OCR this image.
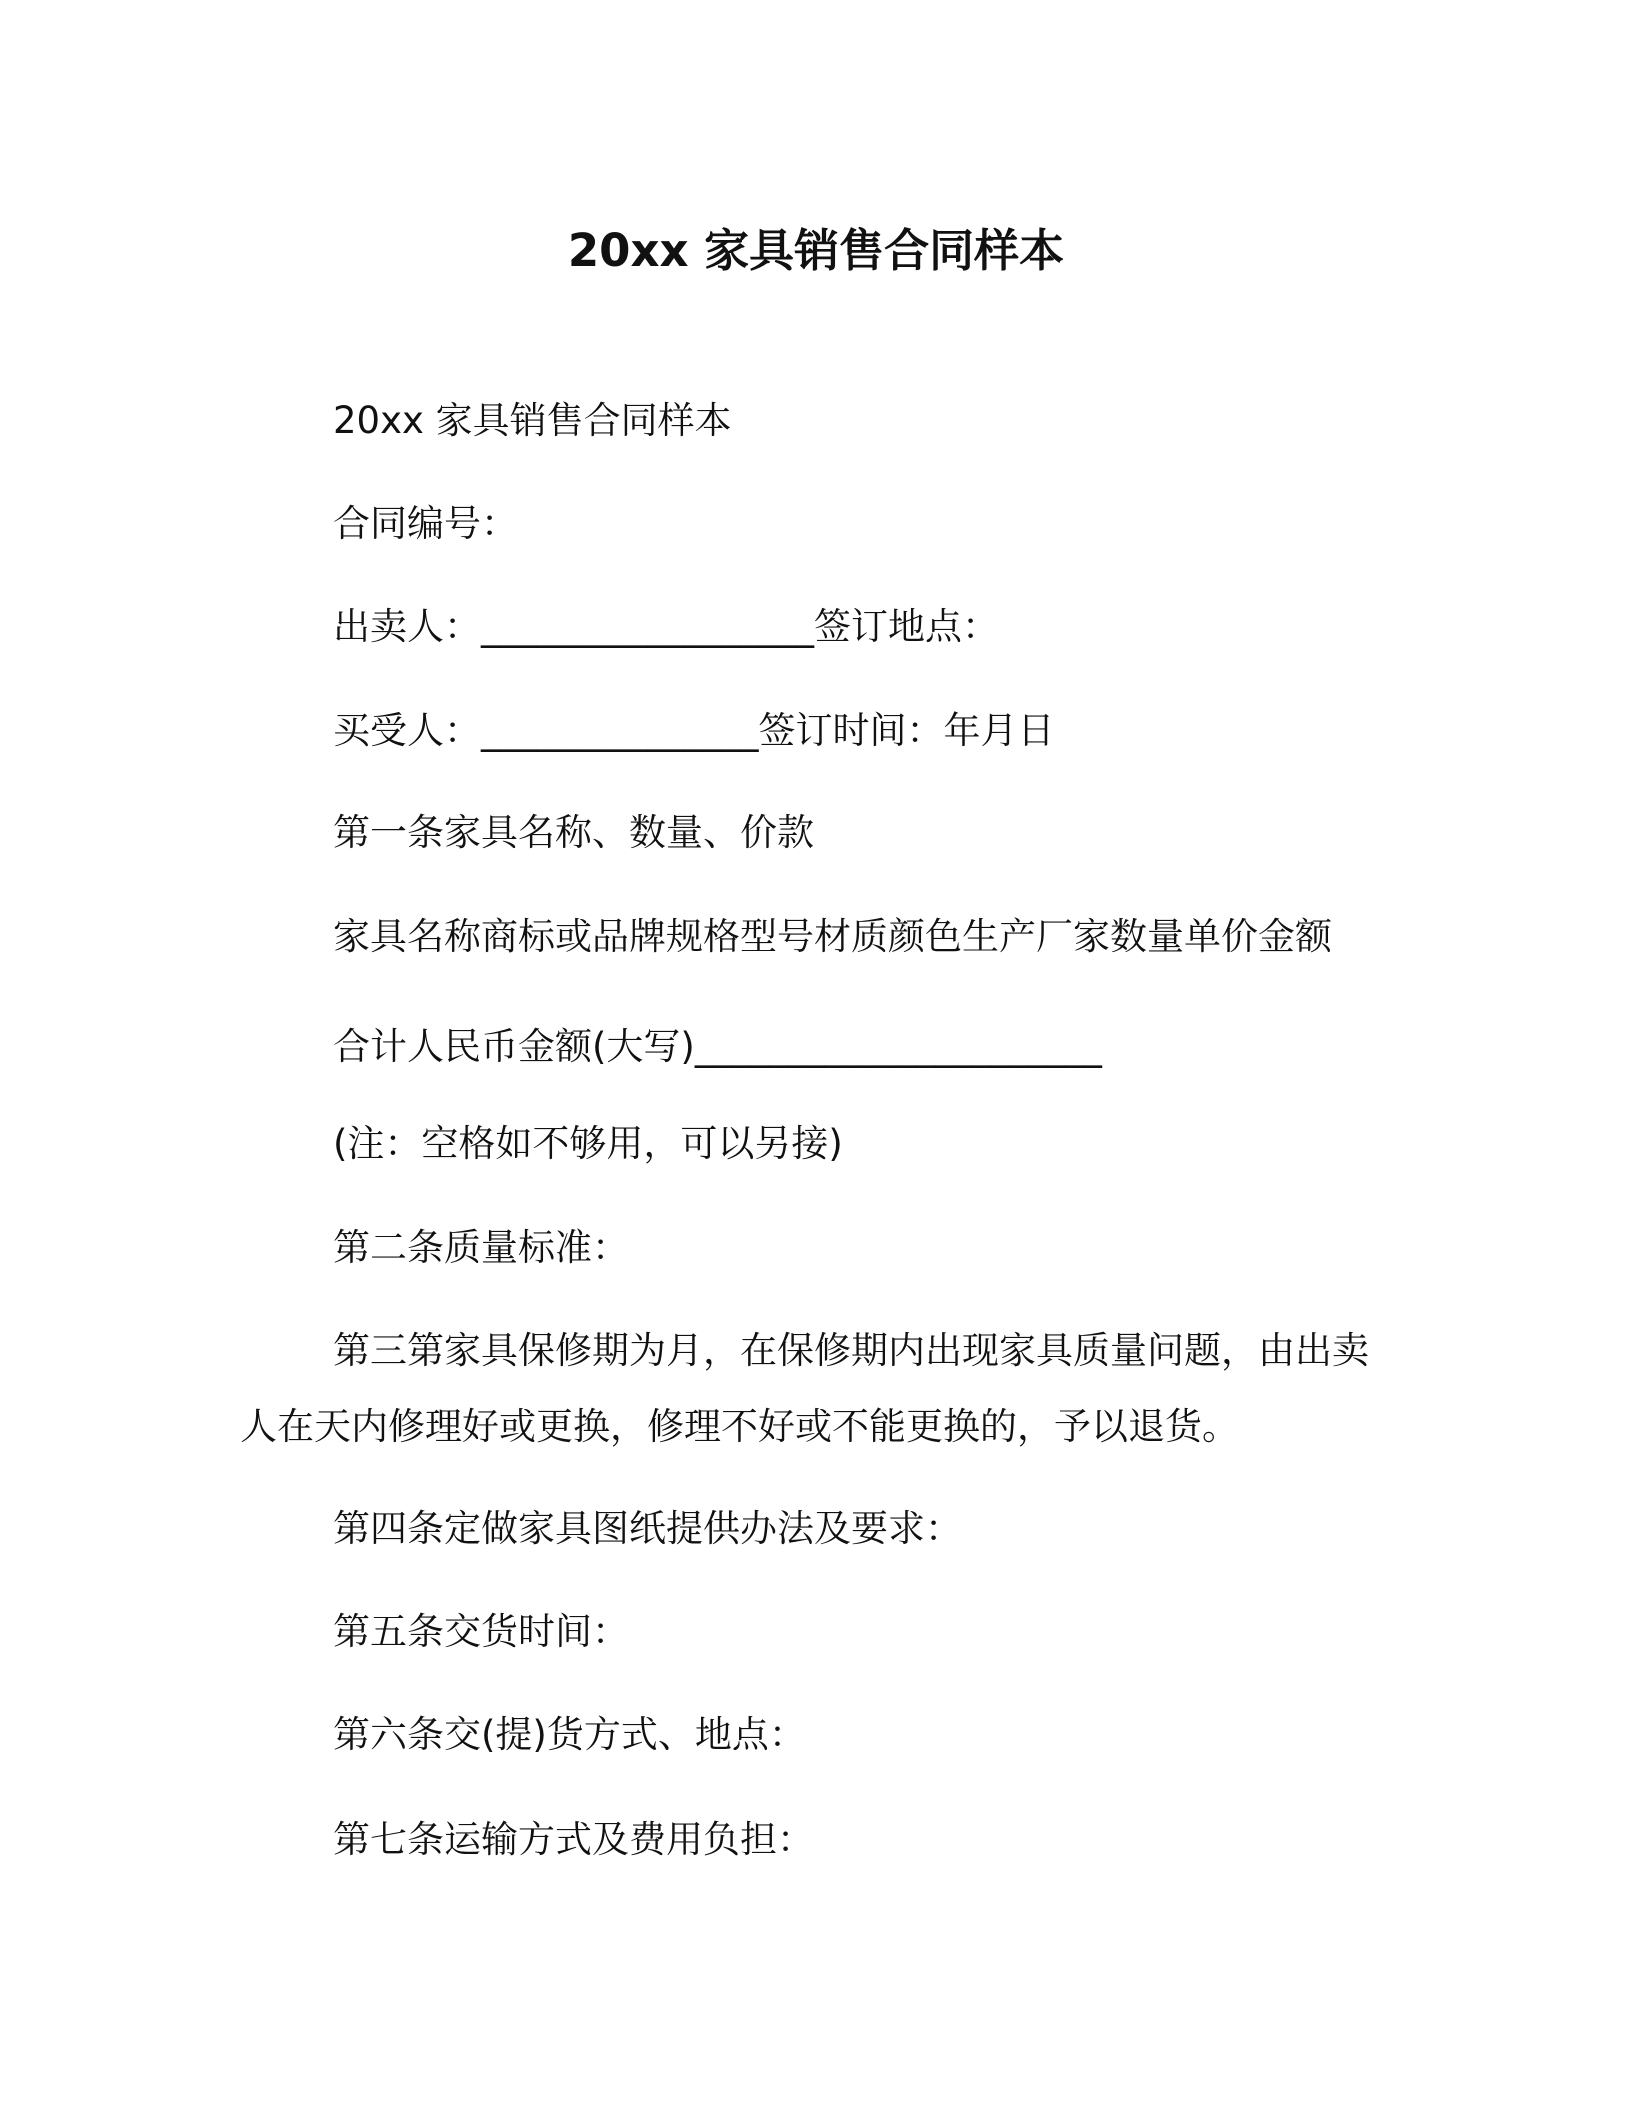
20xx 家具销售合同样本
20xx 家具销售合同样本
合同编号：
出卖人：__________________签订地点：
买受人：_______________签订时间：年月日
第一条家具名称、数量、价款
家具名称商标或品牌规格型号材质颜色生产厂家数量单价金额
合计人民币金额(大写)______________________
(注：空格如不够用，可以另接)
第二条质量标准：
第三第家具保修期为月，在保修期内出现家具质量问题，由出卖
人在天内修理好或更换，修理不好或不能更换的，予以退货。
第四条定做家具图纸提供办法及要求：
第五条交货时间：
第六条交(提)货方式、地点：
第七条运输方式及费用负担：
